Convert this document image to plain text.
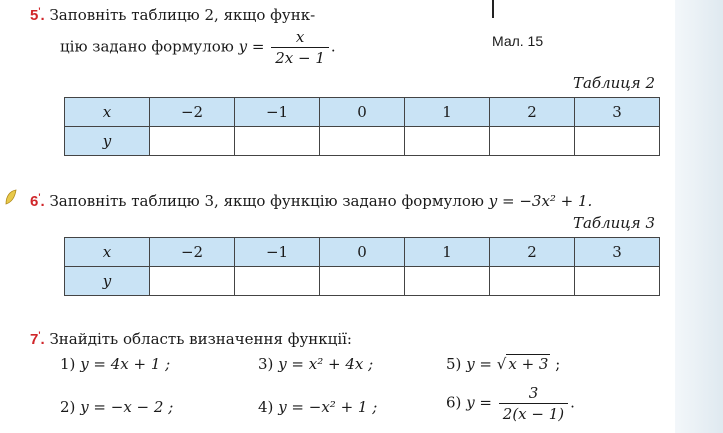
Мал. 15
5'. Заповніть таблицю 2, якщо функ-
цію задано формулою $y = \frac{x}{2x - 1}$ .
Таблиця 2
x	−2	−1	0	1	2	3
y						
6'. Заповніть таблицю 3, якщо функцію задано формулою y = −3x² + 1.
Таблиця 3
x	−2	−1	0	1	2	3
y						
7'. Знайдіть область визначення функції:
1) y = 4x + 1 ;
2) y = −x − 2 ;
3) y = x² + 4x ;
4) y = −x² + 1 ;
5) y = √ x + 3 ;
6) $y = \frac{3}{2(x - 1)}$ .
